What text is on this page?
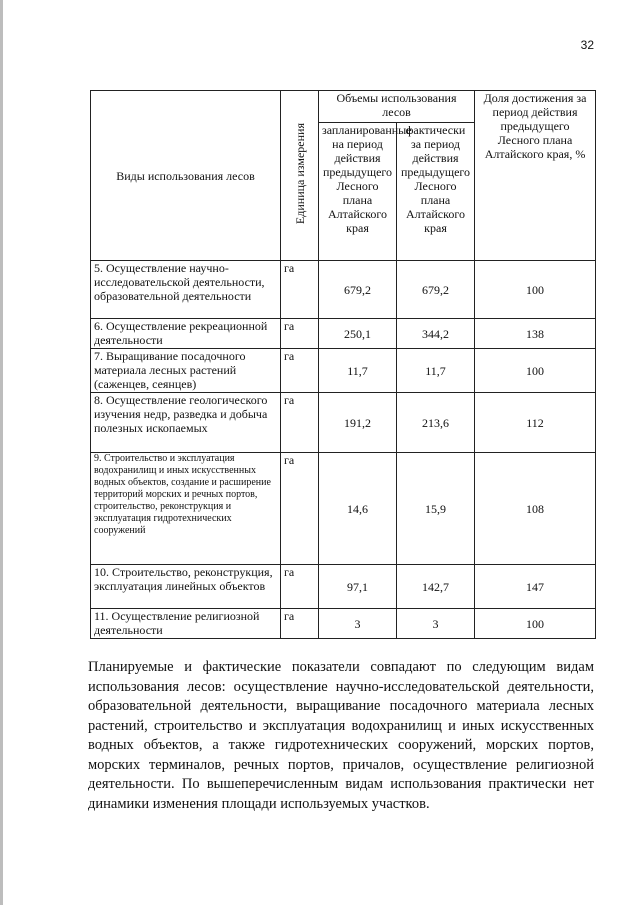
32
Виды использования лесов	Единица измерения	Объемы использования лесов		Доля достижения за период действия предыдущего Лесного плана Алтайского края, %
		запланированные на период действия предыдущего Лесного плана Алтайского края	фактически за период действия предыдущего Лесного плана Алтайского края	
5. Осуществление научно-исследовательской деятельности, образовательной деятельности	га	679,2	679,2	100
6. Осуществление рекреационной деятельности	га	250,1	344,2	138
7. Выращивание посадочного материала лесных растений (саженцев, сеянцев)	га	11,7	11,7	100
8. Осуществление геологического изучения недр, разведка и добыча полезных ископаемых	га	191,2	213,6	112
9. Строительство и эксплуатация водохранилищ и иных искусственных водных объектов, создание и расширение территорий морских и речных портов, строительство, реконструкция и эксплуатация гидротехнических сооружений	га	14,6	15,9	108
10. Строительство, реконструкция, эксплуатация линейных объектов	га	97,1	142,7	147
11. Осуществление религиозной деятельности	га	3	3	100

Планируемые и фактические показатели совпадают по следующим видам использования лесов: осуществление научно-исследовательской деятельности, образовательной деятельности, выращивание посадочного материала лесных растений, строительство и эксплуатация водохранилищ и иных искусственных водных объектов, а также гидротехнических сооружений, морских портов, морских терминалов, речных портов, причалов, осуществление религиозной деятельности. По вышеперечисленным видам использования практически нет динамики изменения площади используемых участков.
